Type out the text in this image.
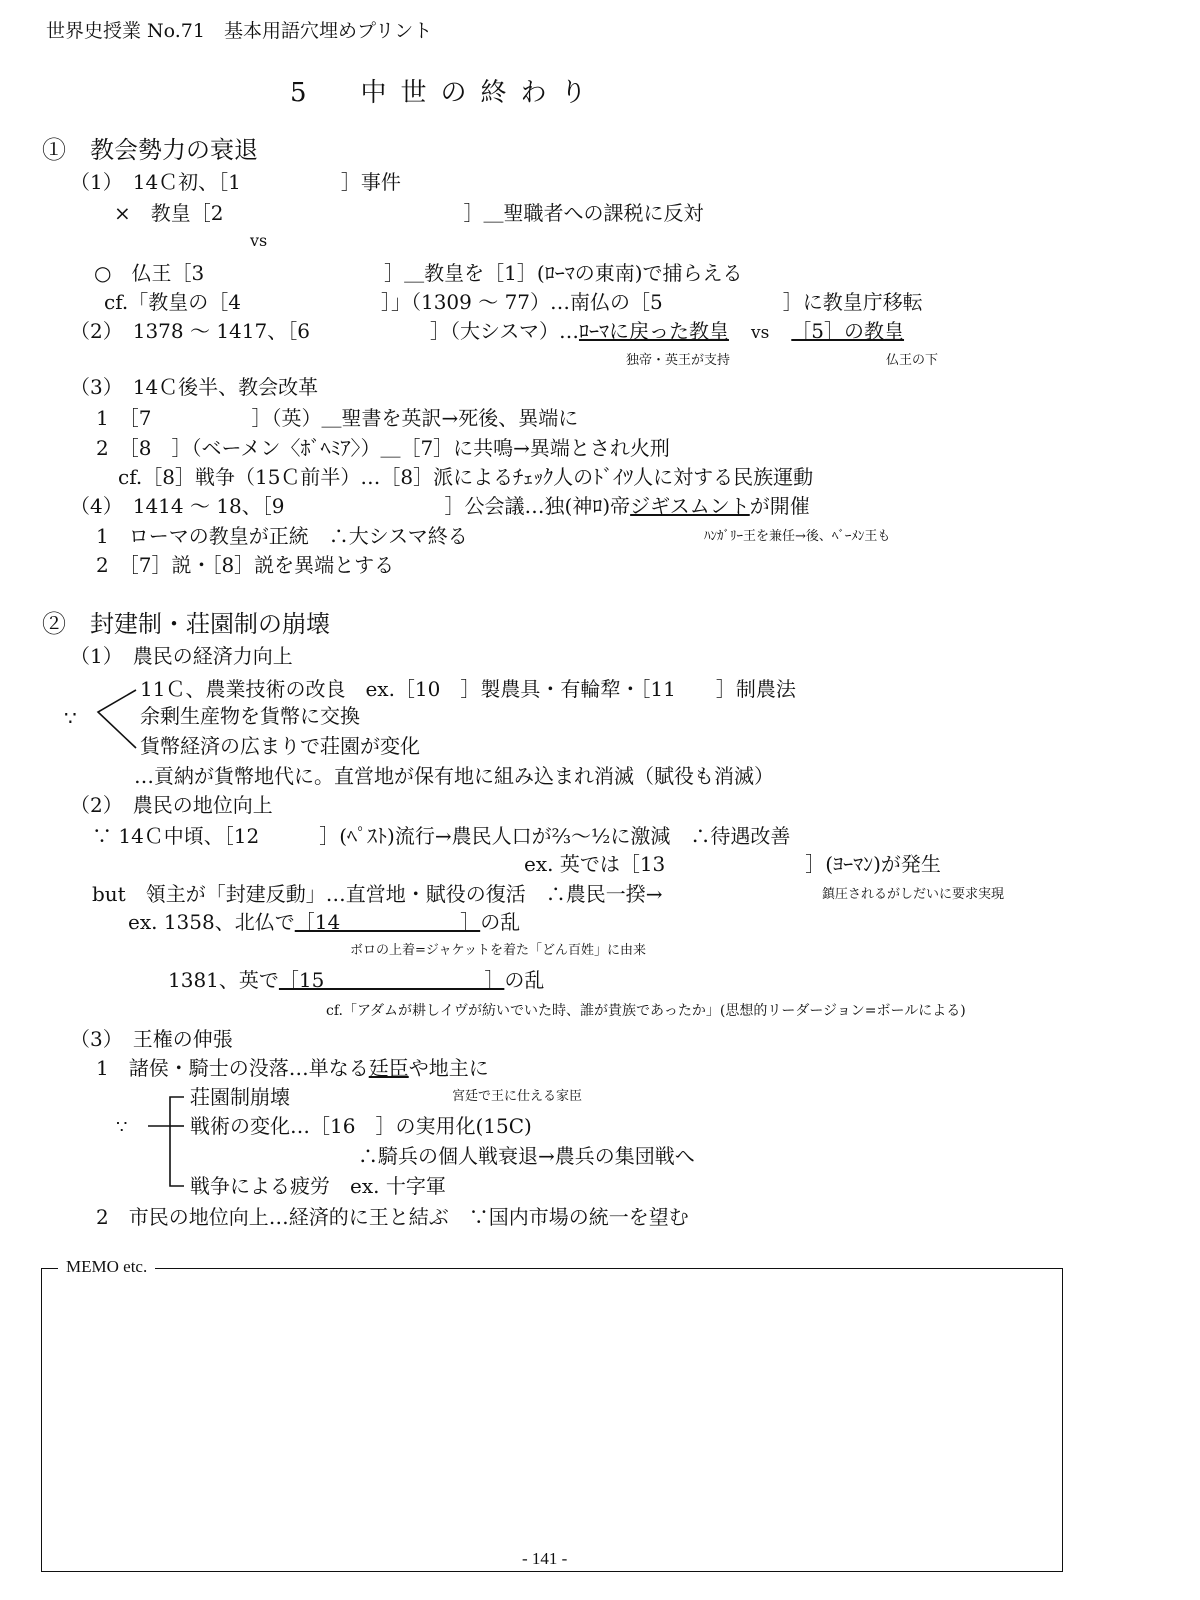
世界史授業 No.71　基本用語穴埋めプリント
5　中世の終わり
①　教会勢力の衰退
（1）　14Ｃ初、［1　　　　　］事件
×　教皇［2　　　　　　　　　　　　］＿聖職者への課税に反対
vs
○　仏王［3　　　　　　　　　］＿教皇を［1］(ﾛｰﾏの東南)で捕らえる
cf.「教皇の［4　　　　　　　］」（1309 ～ 77）…南仏の［5　　　　　　］に教皇庁移転
（2）　1378 ～ 1417、［6　　　　　　］（大シスマ）…ﾛｰﾏに戻った教皇 vs ［5］の教皇
独帝・英王が支持	仏王の下
（3）　14Ｃ後半、教会改革
1　［7　　　　　］（英）＿聖書を英訳→死後、異端に
2　［8　］（ベーメン〈ﾎﾞﾍﾐｱ〉）＿［7］に共鳴→異端とされ火刑
cf.［8］戦争（15Ｃ前半）…［8］派によるﾁｪｯｸ人のﾄﾞｲﾂ人に対する民族運動
（4）　1414 ～ 18、［9　　　　　　　　］公会議…独(神ﾛ)帝ジギスムントが開催
1　ローマの教皇が正統　∴大シスマ終る	ﾊﾝｶﾞﾘｰ王を兼任→後、ﾍﾞｰﾒﾝ王も
2　［7］説・［8］説を異端とする
②　封建制・荘園制の崩壊
（1）　農民の経済力向上
∵
11Ｃ、農業技術の改良　ex.［10　］製農具・有輪犂・［11　　］制農法
余剰生産物を貨幣に交換
貨幣経済の広まりで荘園が変化
…貢納が貨幣地代に。直営地が保有地に組み込まれ消滅（賦役も消滅）
（2）　農民の地位向上
∵ 14Ｃ中頃、［12　　　］(ﾍﾟｽﾄ)流行→農民人口が⅔～½に激減　∴待遇改善
ex. 英では［13　　　　　　　］(ﾖｰﾏﾝ)が発生
but　領主が「封建反動」…直営地・賦役の復活　∴農民一揆→	鎮圧されるがしだいに要求実現
ex. 1358、北仏で［14　　　　　　］の乱
ボロの上着=ジャケットを着た「どん百姓」に由来
1381、英で［15　　　　　　　　］の乱
cf.「アダムが耕しイヴが紡いでいた時、誰が貴族であったか」(思想的リーダージョン=ボールによる)
（3）　王権の伸張
1　諸侯・騎士の没落…単なる廷臣や地主に
宮廷で王に仕える家臣
∵
荘園制崩壊
戦術の変化…［16　］の実用化(15C)
∴騎兵の個人戦衰退→農兵の集団戦へ
戦争による疲労　ex. 十字軍
2　市民の地位向上…経済的に王と結ぶ　∵国内市場の統一を望む
MEMO etc.
- 141 -
